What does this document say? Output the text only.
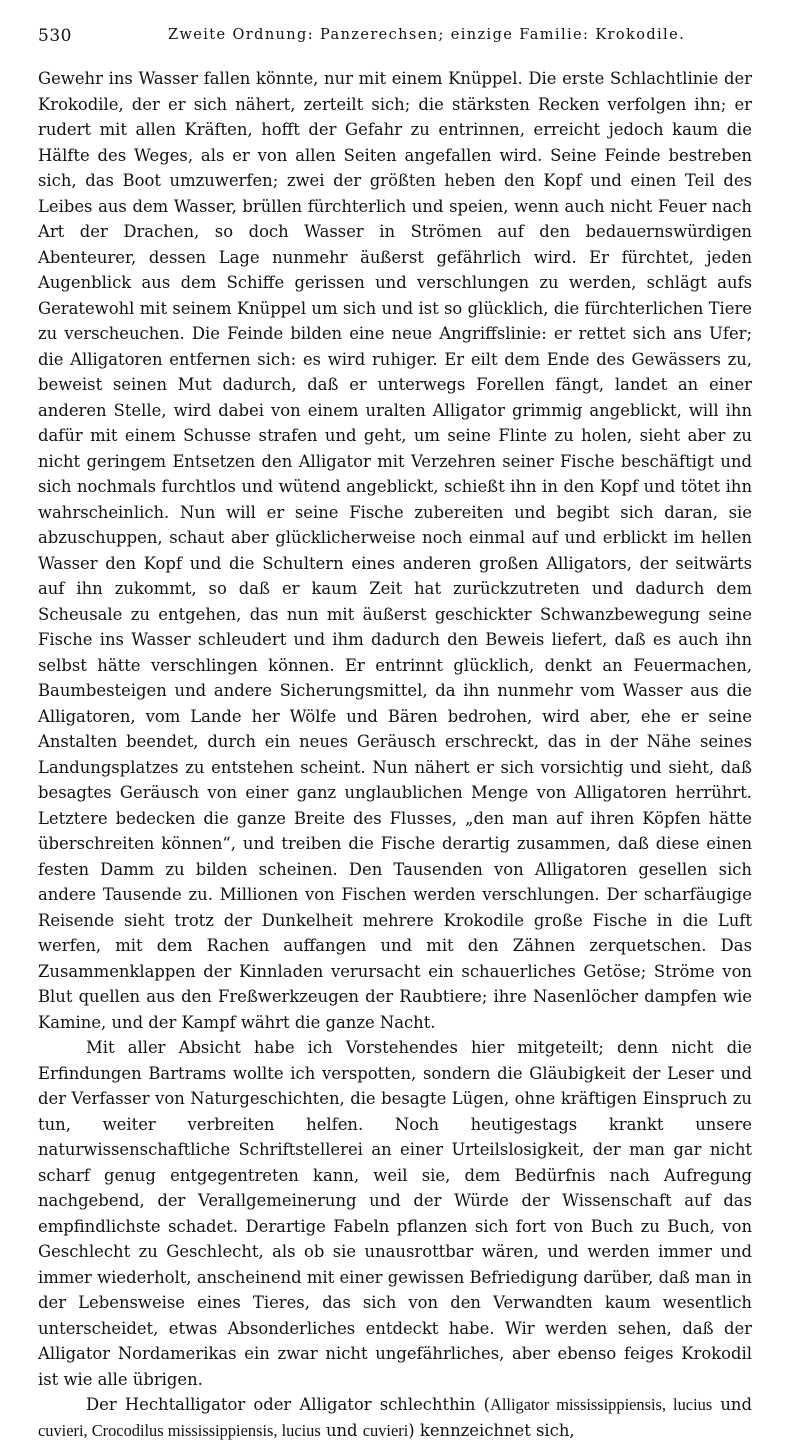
530	Zweite Ordnung: Panzerechsen; einzige Familie: Krokodile.

Gewehr ins Wasser fallen könnte, nur mit einem Knüppel. Die erste Schlachtlinie der Krokodile, der er sich nähert, zerteilt sich; die stärksten Recken verfolgen ihn; er rudert mit allen Kräften, hofft der Gefahr zu entrinnen, erreicht jedoch kaum die Hälfte des Weges, als er von allen Seiten angefallen wird. Seine Feinde bestreben sich, das Boot umzuwerfen; zwei der größten heben den Kopf und einen Teil des Leibes aus dem Wasser, brüllen fürchterlich und speien, wenn auch nicht Feuer nach Art der Drachen, so doch Wasser in Strömen auf den bedauernswürdigen Abenteurer, dessen Lage nunmehr äußerst gefährlich wird. Er fürchtet, jeden Augenblick aus dem Schiffe gerissen und verschlungen zu werden, schlägt aufs Geratewohl mit seinem Knüppel um sich und ist so glücklich, die fürchterlichen Tiere zu verscheuchen. Die Feinde bilden eine neue Angriffslinie: er rettet sich ans Ufer; die Alligatoren entfernen sich: es wird ruhiger. Er eilt dem Ende des Gewässers zu, beweist seinen Mut dadurch, daß er unterwegs Forellen fängt, landet an einer anderen Stelle, wird dabei von einem uralten Alligator grimmig angeblickt, will ihn dafür mit einem Schusse strafen und geht, um seine Flinte zu holen, sieht aber zu nicht geringem Entsetzen den Alligator mit Verzehren seiner Fische beschäftigt und sich nochmals furchtlos und wütend angeblickt, schießt ihn in den Kopf und tötet ihn wahrscheinlich. Nun will er seine Fische zubereiten und begibt sich daran, sie abzuschuppen, schaut aber glücklicherweise noch einmal auf und erblickt im hellen Wasser den Kopf und die Schultern eines anderen großen Alligators, der seitwärts auf ihn zukommt, so daß er kaum Zeit hat zurückzutreten und dadurch dem Scheusale zu entgehen, das nun mit äußerst geschickter Schwanzbewegung seine Fische ins Wasser schleudert und ihm dadurch den Beweis liefert, daß es auch ihn selbst hätte verschlingen können. Er entrinnt glücklich, denkt an Feuermachen, Baumbesteigen und andere Sicherungsmittel, da ihn nunmehr vom Wasser aus die Alligatoren, vom Lande her Wölfe und Bären bedrohen, wird aber, ehe er seine Anstalten beendet, durch ein neues Geräusch erschreckt, das in der Nähe seines Landungsplatzes zu entstehen scheint. Nun nähert er sich vorsichtig und sieht, daß besagtes Geräusch von einer ganz unglaublichen Menge von Alligatoren herrührt. Letztere bedecken die ganze Breite des Flusses, „den man auf ihren Köpfen hätte überschreiten können“, und treiben die Fische derartig zusammen, daß diese einen festen Damm zu bilden scheinen. Den Tausenden von Alligatoren gesellen sich andere Tausende zu. Millionen von Fischen werden verschlungen. Der scharfäugige Reisende sieht trotz der Dunkelheit mehrere Krokodile große Fische in die Luft werfen, mit dem Rachen auffangen und mit den Zähnen zerquetschen. Das Zusammenklappen der Kinnladen verursacht ein schauerliches Getöse; Ströme von Blut quellen aus den Freßwerkzeugen der Raubtiere; ihre Nasenlöcher dampfen wie Kamine, und der Kampf währt die ganze Nacht.

Mit aller Absicht habe ich Vorstehendes hier mitgeteilt; denn nicht die Erfindungen Bartrams wollte ich verspotten, sondern die Gläubigkeit der Leser und der Verfasser von Naturgeschichten, die besagte Lügen, ohne kräftigen Einspruch zu tun, weiter verbreiten helfen. Noch heutigestags krankt unsere naturwissenschaftliche Schriftstellerei an einer Urteilslosigkeit, der man gar nicht scharf genug entgegentreten kann, weil sie, dem Bedürfnis nach Aufregung nachgebend, der Verallgemeinerung und der Würde der Wissenschaft auf das empfindlichste schadet. Derartige Fabeln pflanzen sich fort von Buch zu Buch, von Geschlecht zu Geschlecht, als ob sie unausrottbar wären, und werden immer und immer wiederholt, anscheinend mit einer gewissen Befriedigung darüber, daß man in der Lebensweise eines Tieres, das sich von den Verwandten kaum wesentlich unterscheidet, etwas Absonderliches entdeckt habe. Wir werden sehen, daß der Alligator Nordamerikas ein zwar nicht ungefährliches, aber ebenso feiges Krokodil ist wie alle übrigen.

Der Hechtalligator oder Alligator schlechthin (Alligator mississippiensis, lucius und cuvieri, Crocodilus mississippiensis, lucius und cuvieri) kennzeichnet sich,
